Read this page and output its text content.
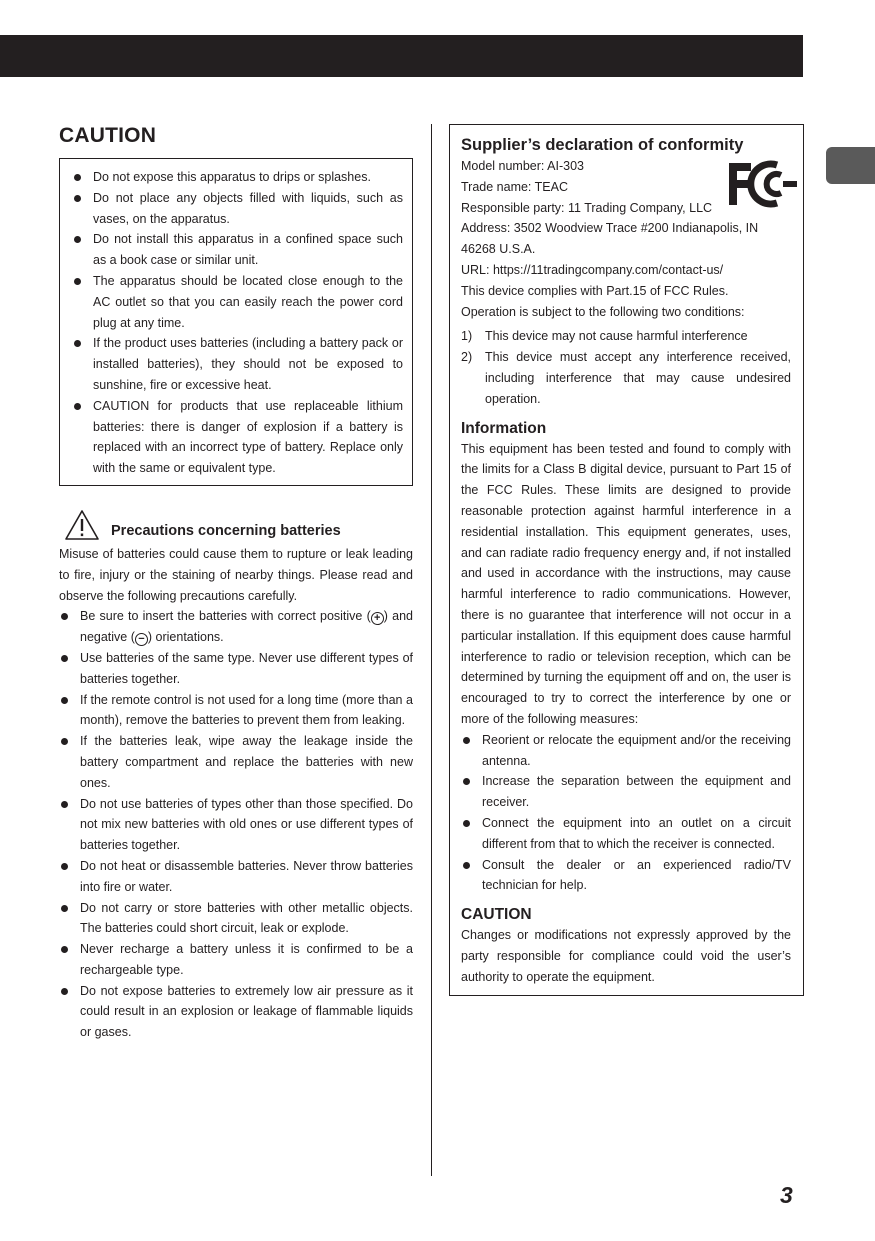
CAUTION
Do not expose this apparatus to drips or splashes.
Do not place any objects filled with liquids, such as vases, on the apparatus.
Do not install this apparatus in a confined space such as a book case or similar unit.
The apparatus should be located close enough to the AC outlet so that you can easily reach the power cord plug at any time.
If the product uses batteries (including a battery pack or installed batteries), they should not be exposed to sunshine, fire or excessive heat.
CAUTION for products that use replaceable lithium batteries: there is danger of explosion if a battery is replaced with an incorrect type of battery. Replace only with the same or equivalent type.
Precautions concerning batteries

Misuse of batteries could cause them to rupture or leak leading to fire, injury or the staining of nearby things. Please read and observe the following precautions carefully.

Be sure to insert the batteries with correct positive ( + ) and negative ( − ) orientations.
Use batteries of the same type. Never use different types of batteries together.
If the remote control is not used for a long time (more than a month), remove the batteries to prevent them from leaking.
If the batteries leak, wipe away the leakage inside the battery compartment and replace the batteries with new ones.
Do not use batteries of types other than those specified. Do not mix new batteries with old ones or use different types of batteries together.
Do not heat or disassemble batteries. Never throw batteries into fire or water.
Do not carry or store batteries with other metallic objects. The batteries could short circuit, leak or explode.
Never recharge a battery unless it is confirmed to be a rechargeable type.
Do not expose batteries to extremely low air pressure as it could result in an explosion or leakage of flammable liquids or gases.
Supplier’s declaration of conformity
Model number: AI-303
Trade name: TEAC
Responsible party: 11 Trading Company, LLC
Address: 3502 Woodview Trace #200 Indianapolis, IN 46268 U.S.A.
URL: https://11tradingcompany.com/contact-us/
This device complies with Part.15 of FCC Rules.
Operation is subject to the following two conditions:
1) This device may not cause harmful interference
2) This device must accept any interference received, including interference that may cause undesired operation.
Information

This equipment has been tested and found to comply with the limits for a Class B digital device, pursuant to Part 15 of the FCC Rules. These limits are designed to provide reasonable protection against harmful interference in a residential installation. This equipment generates, uses, and can radiate radio frequency energy and, if not installed and used in accordance with the instructions, may cause harmful interference to radio communications. However, there is no guarantee that interference will not occur in a particular installation. If this equipment does cause harmful interference to radio or television reception, which can be determined by turning the equipment off and on, the user is encouraged to try to correct the interference by one or more of the following measures:

Reorient or relocate the equipment and/or the receiving antenna.
Increase the separation between the equipment and receiver.
Connect the equipment into an outlet on a circuit different from that to which the receiver is connected.
Consult the dealer or an experienced radio/TV technician for help.
CAUTION

Changes or modifications not expressly approved by the party responsible for compliance could void the user’s authority to operate the equipment.

3
